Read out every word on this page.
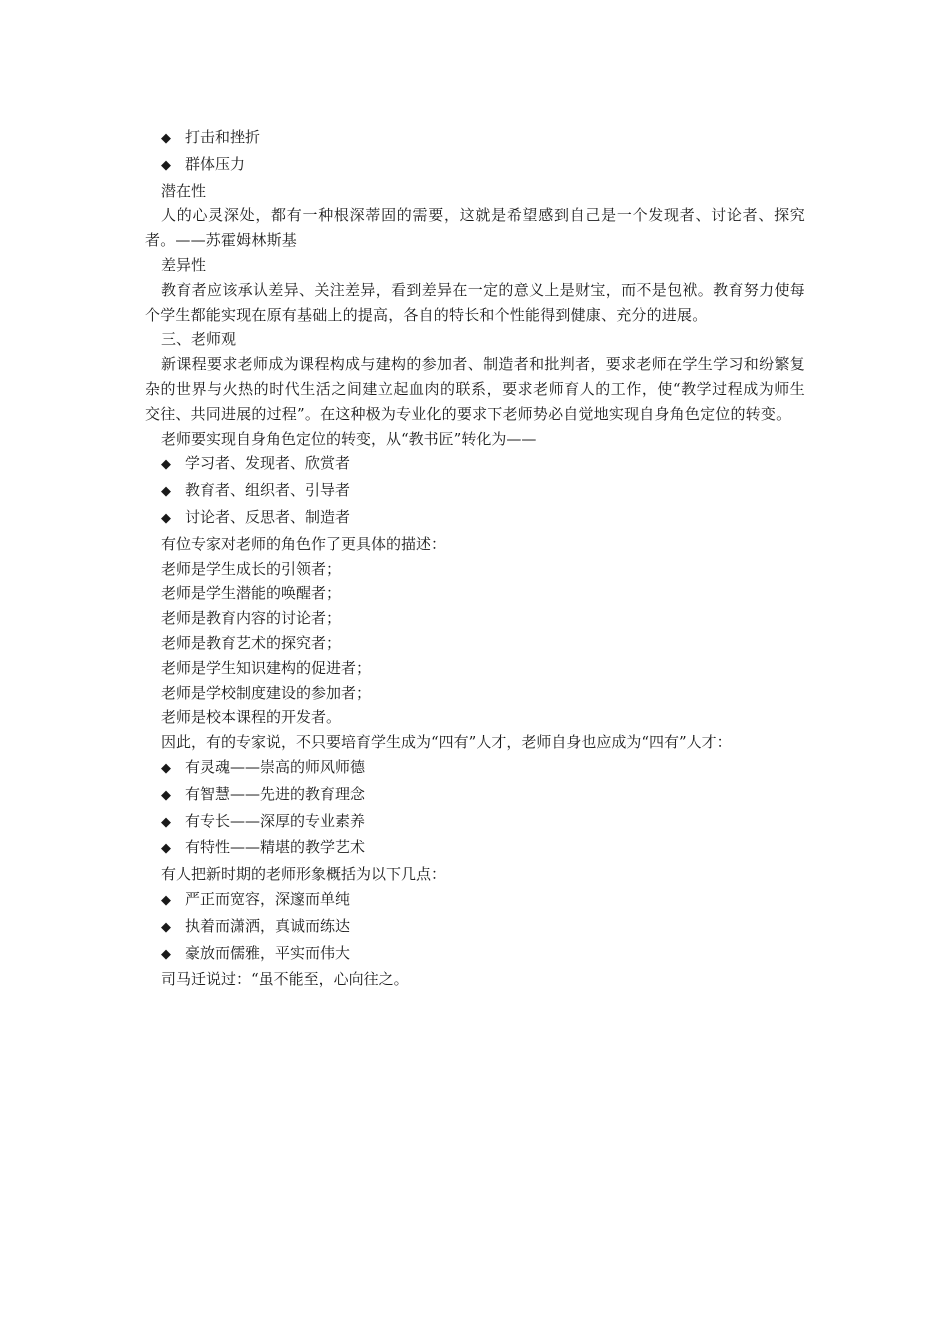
◆ 打击和挫折
◆ 群体压力
潜在性
人的心灵深处，都有一种根深蒂固的需要，这就是希望感到自己是一个发现者、讨论者、探究者。——苏霍姆林斯基
差异性
教育者应该承认差异、关注差异，看到差异在一定的意义上是财宝，而不是包袱。教育努力使每个学生都能实现在原有基础上的提高，各自的特长和个性能得到健康、充分的进展。
三、老师观
新课程要求老师成为课程构成与建构的参加者、制造者和批判者，要求老师在学生学习和纷繁复杂的世界与火热的时代生活之间建立起血肉的联系，要求老师育人的工作，使“教学过程成为师生交往、共同进展的过程”。在这种极为专业化的要求下老师势必自觉地实现自身角色定位的转变。
老师要实现自身角色定位的转变，从“教书匠”转化为——
◆ 学习者、发现者、欣赏者
◆ 教育者、组织者、引导者
◆ 讨论者、反思者、制造者
有位专家对老师的角色作了更具体的描述：
老师是学生成长的引领者；
老师是学生潜能的唤醒者；
老师是教育内容的讨论者；
老师是教育艺术的探究者；
老师是学生知识建构的促进者；
老师是学校制度建设的参加者；
老师是校本课程的开发者。
因此，有的专家说，不只要培育学生成为“四有”人才，老师自身也应成为“四有”人才：
◆ 有灵魂——崇高的师风师德
◆ 有智慧——先进的教育理念
◆ 有专长——深厚的专业素养
◆ 有特性——精堪的教学艺术
有人把新时期的老师形象概括为以下几点：
◆ 严正而宽容，深邃而单纯
◆ 执着而潇洒，真诚而练达
◆ 豪放而儒雅，平实而伟大
司马迁说过：“虽不能至，心向往之。
